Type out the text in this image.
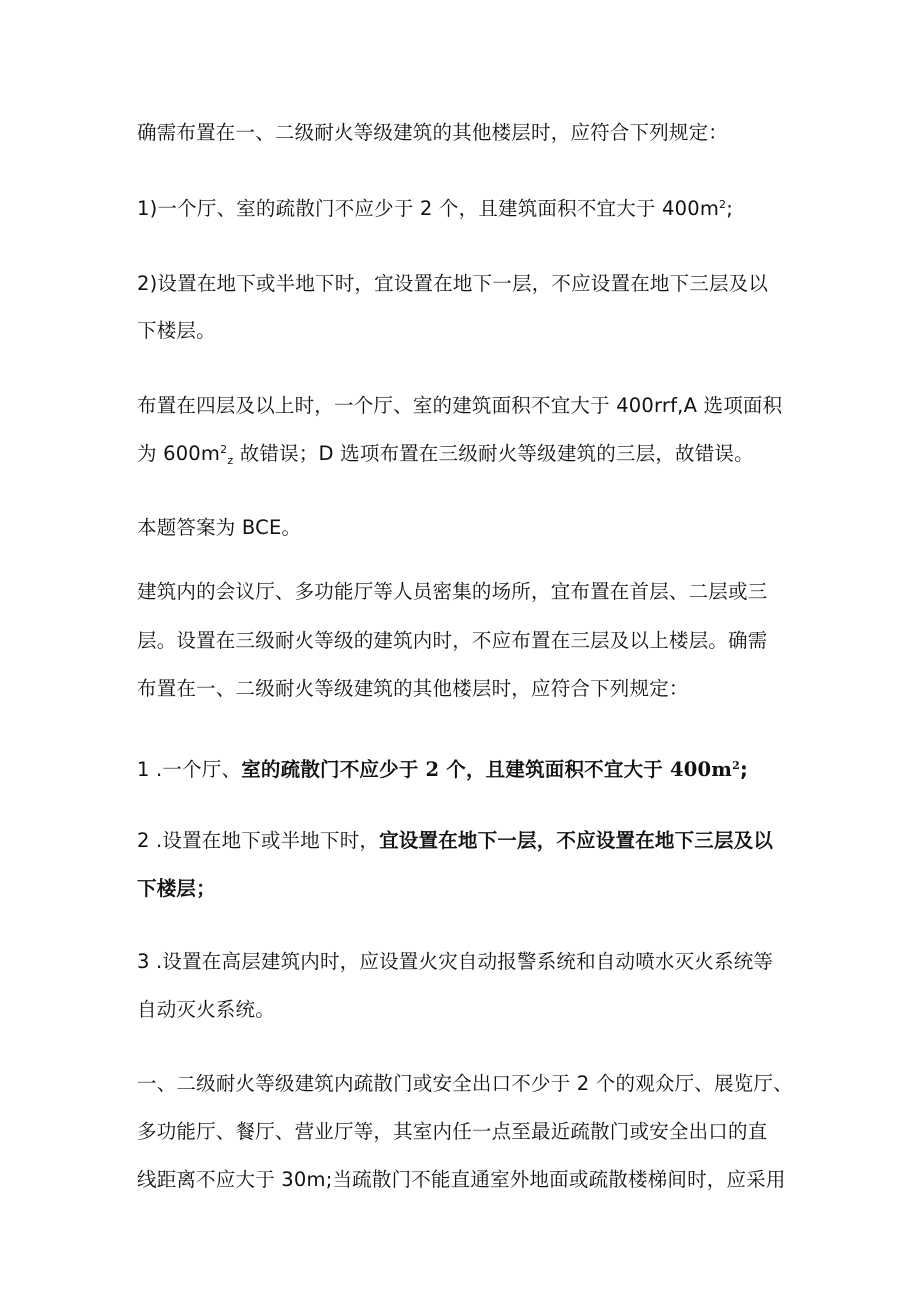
确需布置在一、二级耐火等级建筑的其他楼层时，应符合下列规定：
1)一个厅、室的疏散门不应少于 2 个，且建筑面积不宜大于 $400m^2$;
2)设置在地下或半地下时，宜设置在地下一层，不应设置在地下三层及以
下楼层。
布置在四层及以上时，一个厅、室的建筑面积不宜大于 400rrf,A 选项面积
为 $600m^2_z$ 故错误；D 选项布置在三级耐火等级建筑的三层，故错误。
本题答案为 BCE。
建筑内的会议厅、多功能厅等人员密集的场所，宜布置在首层、二层或三
层。设置在三级耐火等级的建筑内时，不应布置在三层及以上楼层。确需
布置在一、二级耐火等级建筑的其他楼层时，应符合下列规定：
1 .一个厅、室的疏散门不应少于 2 个，且建筑面积不宜大于 $400m^2$;
2 .设置在地下或半地下时，宜设置在地下一层，不应设置在地下三层及以
下楼层；
3 .设置在高层建筑内时，应设置火灾自动报警系统和自动喷水灭火系统等
自动灭火系统。
一、二级耐火等级建筑内疏散门或安全出口不少于 2 个的观众厅、展览厅、
多功能厅、餐厅、营业厅等，其室内任一点至最近疏散门或安全出口的直
线距离不应大于 30m;当疏散门不能直通室外地面或疏散楼梯间时，应采用
